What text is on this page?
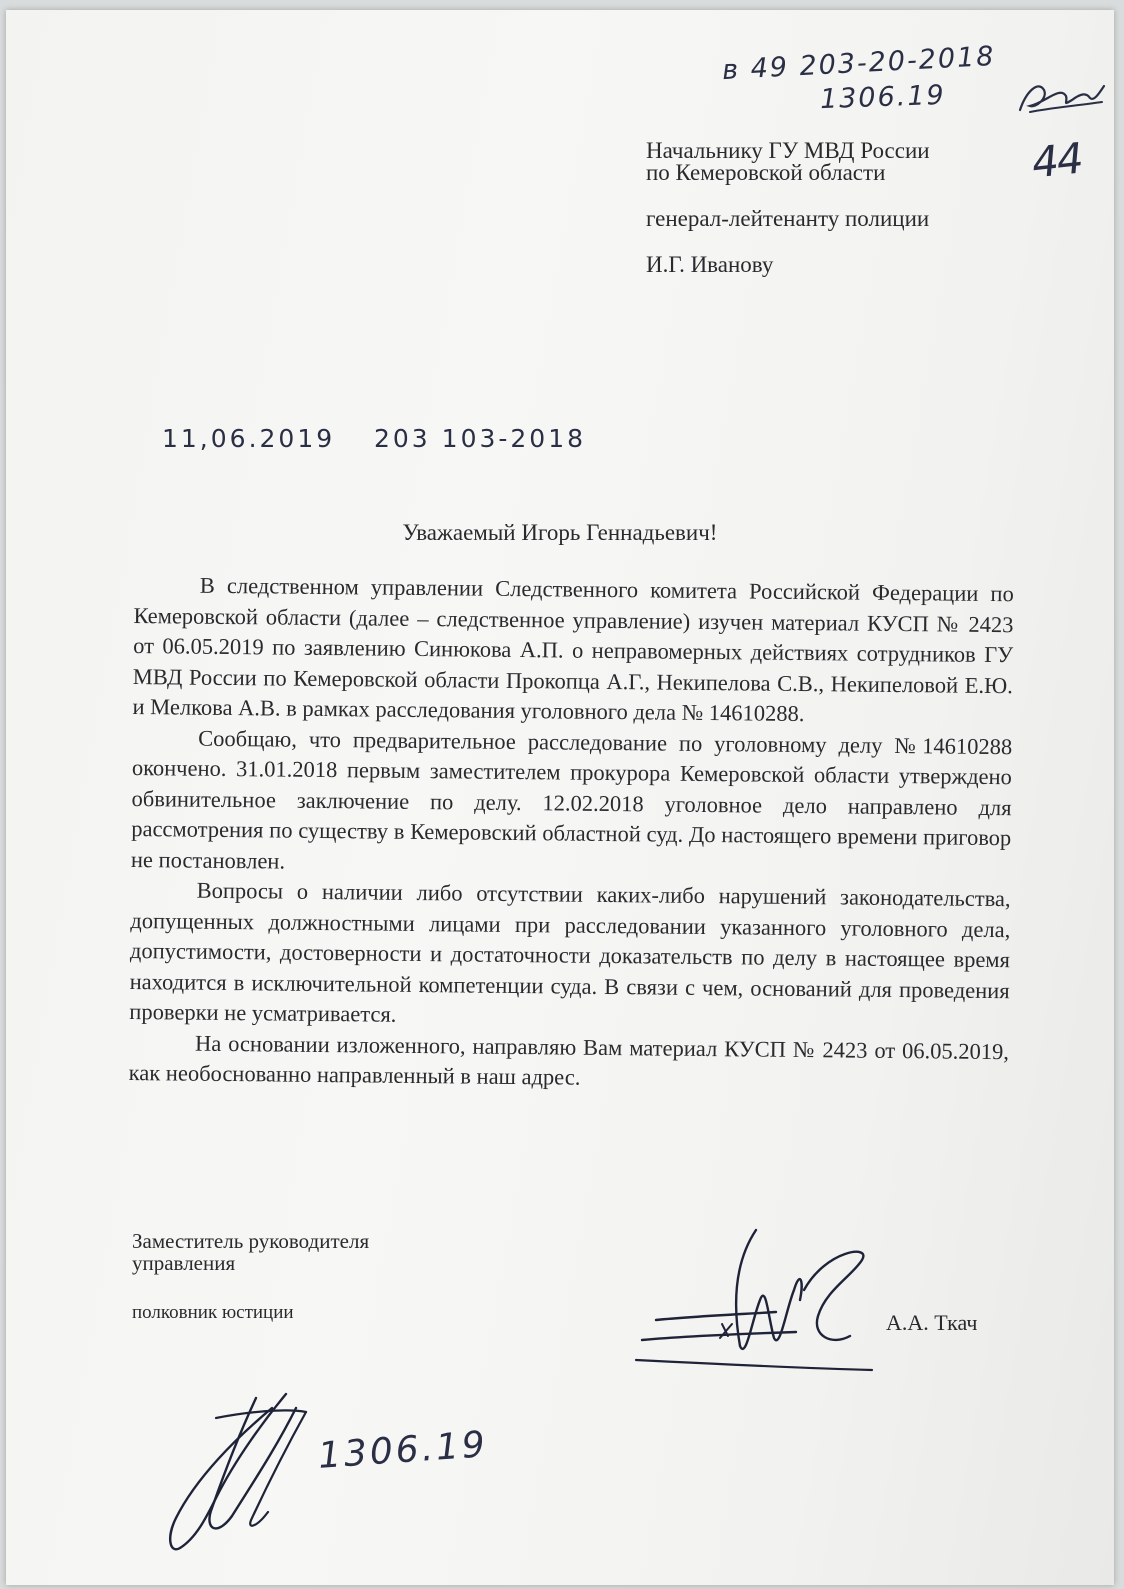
в 49 203-20-2018
1306.19
44
Начальнику ГУ МВД России
по Кемеровской области
генерал-лейтенанту полиции
И.Г. Иванову
11,06.2019 203 103-2018
Уважаемый Игорь Геннадьевич!

В следственном управлении Следственного комитета Российской Федерации по Кемеровской области (далее – следственное управление) изучен материал КУСП № 2423 от 06.05.2019 по заявлению Синюкова А.П. о неправомерных действиях сотрудников ГУ МВД России по Кемеровской области Прокопца А.Г., Некипелова С.В., Некипеловой Е.Ю. и Мелкова А.В. в рамках расследования уголовного дела № 14610288.

Сообщаю, что предварительное расследование по уголовному делу №14610288 окончено. 31.01.2018 первым заместителем прокурора Кемеровской области утверждено обвинительное заключение по делу. 12.02.2018 уголовное дело направлено для рассмотрения по существу в Кемеровский областной суд. До настоящего времени приговор не постановлен.

Вопросы о наличии либо отсутствии каких-либо нарушений законодательства, допущенных должностными лицами при расследовании указанного уголовного дела, допустимости, достоверности и достаточности доказательств по делу в настоящее время находится в исключительной компетенции суда. В связи с чем, оснований для проведения проверки не усматривается.

На основании изложенного, направляю Вам материал КУСП № 2423 от 06.05.2019, как необоснованно направленный в наш адрес.

Заместитель руководителя
управления
полковник юстиции	А.А. Ткач
1306.19
